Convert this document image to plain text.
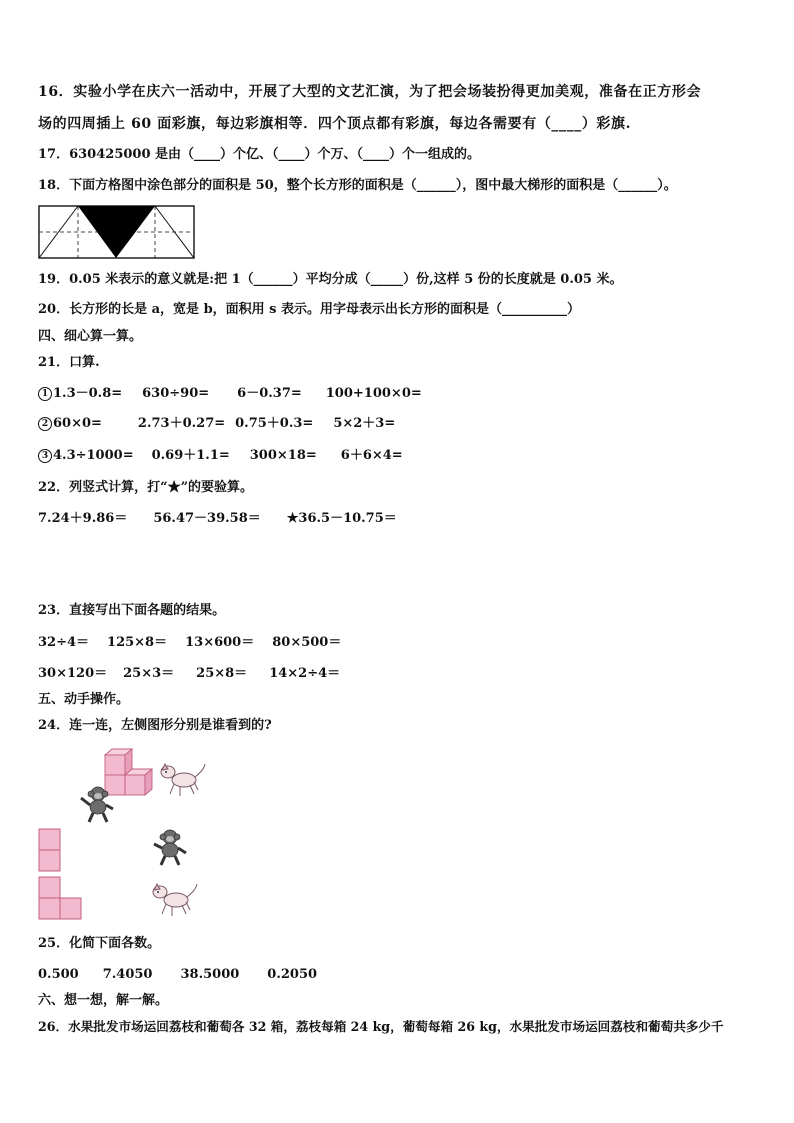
16．实验小学在庆六一活动中，开展了大型的文艺汇演，为了把会场装扮得更加美观，准备在正方形会
场的四周插上 60 面彩旗，每边彩旗相等．四个顶点都有彩旗，每边各需要有（____）彩旗.
17．630425000 是由（____）个亿、（____）个万、（____）个一组成的。
18．下面方格图中涂色部分的面积是 50，整个长方形的面积是（______），图中最大梯形的面积是（______）。
19．0.05 米表示的意义就是:把 1（______）平均分成（_____）份,这样 5 份的长度就是 0.05 米。
20．长方形的长是 a，宽是 b，面积用 s 表示。用字母表示出长方形的面积是（__________）
四、细心算一算。
21．口算.
1 1.3－0.8= 630÷90= 6－0.37= 100+100×0=
2 60×0=	2.73＋0.27= 0.75＋0.3= 5×2＋3=
3 4.3÷1000= 0.69＋1.1= 300×18= 6＋6×4=
22．列竖式计算，打“★”的要验算。
7.24＋9.86＝ 56.47－39.58＝ ★36.5－10.75＝
23．直接写出下面各题的结果。
32÷4＝ 125×8＝ 13×600＝ 80×500＝
30×120＝ 25×3＝ 25×8＝ 14×2÷4＝
五、动手操作。
24．连一连，左侧图形分别是谁看到的?
25．化简下面各数。
0.500 7.4050 38.5000 0.2050
六、想一想，解一解。
26．水果批发市场运回荔枝和葡萄各 32 箱，荔枝每箱 24 kg，葡萄每箱 26 kg，水果批发市场运回荔枝和葡萄共多少千
